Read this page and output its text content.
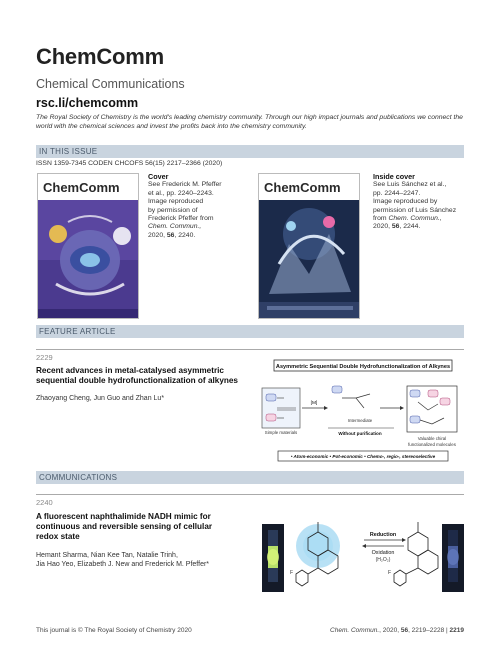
ChemComm
Chemical Communications
rsc.li/chemcomm
The Royal Society of Chemistry is the world's leading chemistry community. Through our high impact journals and publications we connect the world with the chemical sciences and invest the profits back into the chemistry community.
IN THIS ISSUE
ISSN 1359-7345 CODEN CHCOFS 56(15) 2217–2366 (2020)
ChemComm
Cover
See Frederick M. Pfeffer
et al., pp. 2240–2243.
Image reproduced
by permission of
Frederick Pfeffer from
Chem. Commun.,
2020, 56, 2240.
ChemComm
Inside cover
See Luis Sánchez et al.,
pp. 2244–2247.
Image reproduced by
permission of Luis Sánchez
from Chem. Commun.,
2020, 56, 2244.
FEATURE ARTICLE
2229
Recent advances in metal-catalysed asymmetric
sequential double hydrofunctionalization of alkynes
Zhaoyang Cheng, Jun Guo and Zhan Lu*
Asymmetric Sequential Double Hydrofunctionalization of Alkynes
Simple materials
[M]
Intermediate
Without purification
Valuable chiral
functionalized molecules
• Atom-economic • Pot-economic • Chemo-, regio-, stereoselective
COMMUNICATIONS
2240
A fluorescent naphthalimide NADH mimic for
continuous and reversible sensing of cellular
redox state
Hemant Sharma, Nian Kee Tan, Natalie Trinh,
Jia Hao Yeo, Elizabeth J. New and Frederick M. Pfeffer*
F
Reduction
Oxidation
(H₂O₂)
F
This journal is © The Royal Society of Chemistry 2020	Chem. Commun., 2020, 56, 2219–2228 | 2219
